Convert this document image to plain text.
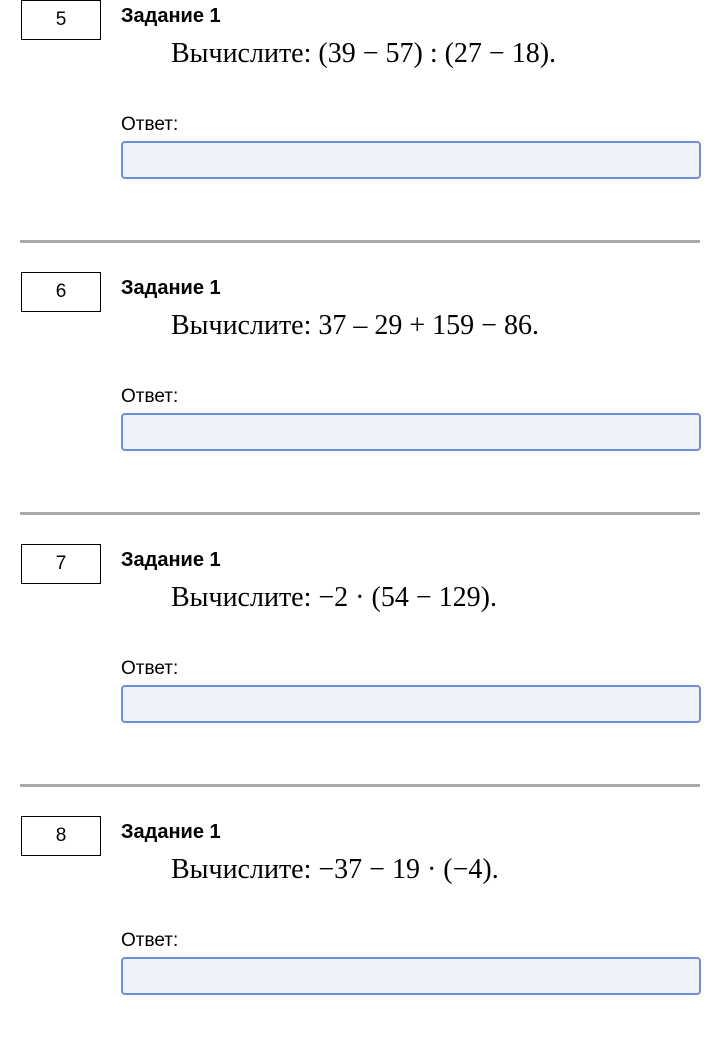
5	Задание 1
Вычислите: (39 − 57) : (27 − 18).
Ответ:
6	Задание 1
Вычислите: 37 – 29 + 159 − 86.
Ответ:
7	Задание 1
Вычислите: −2 · (54 − 129).
Ответ:
8	Задание 1
Вычислите: −37 − 19 · (−4).
Ответ:
